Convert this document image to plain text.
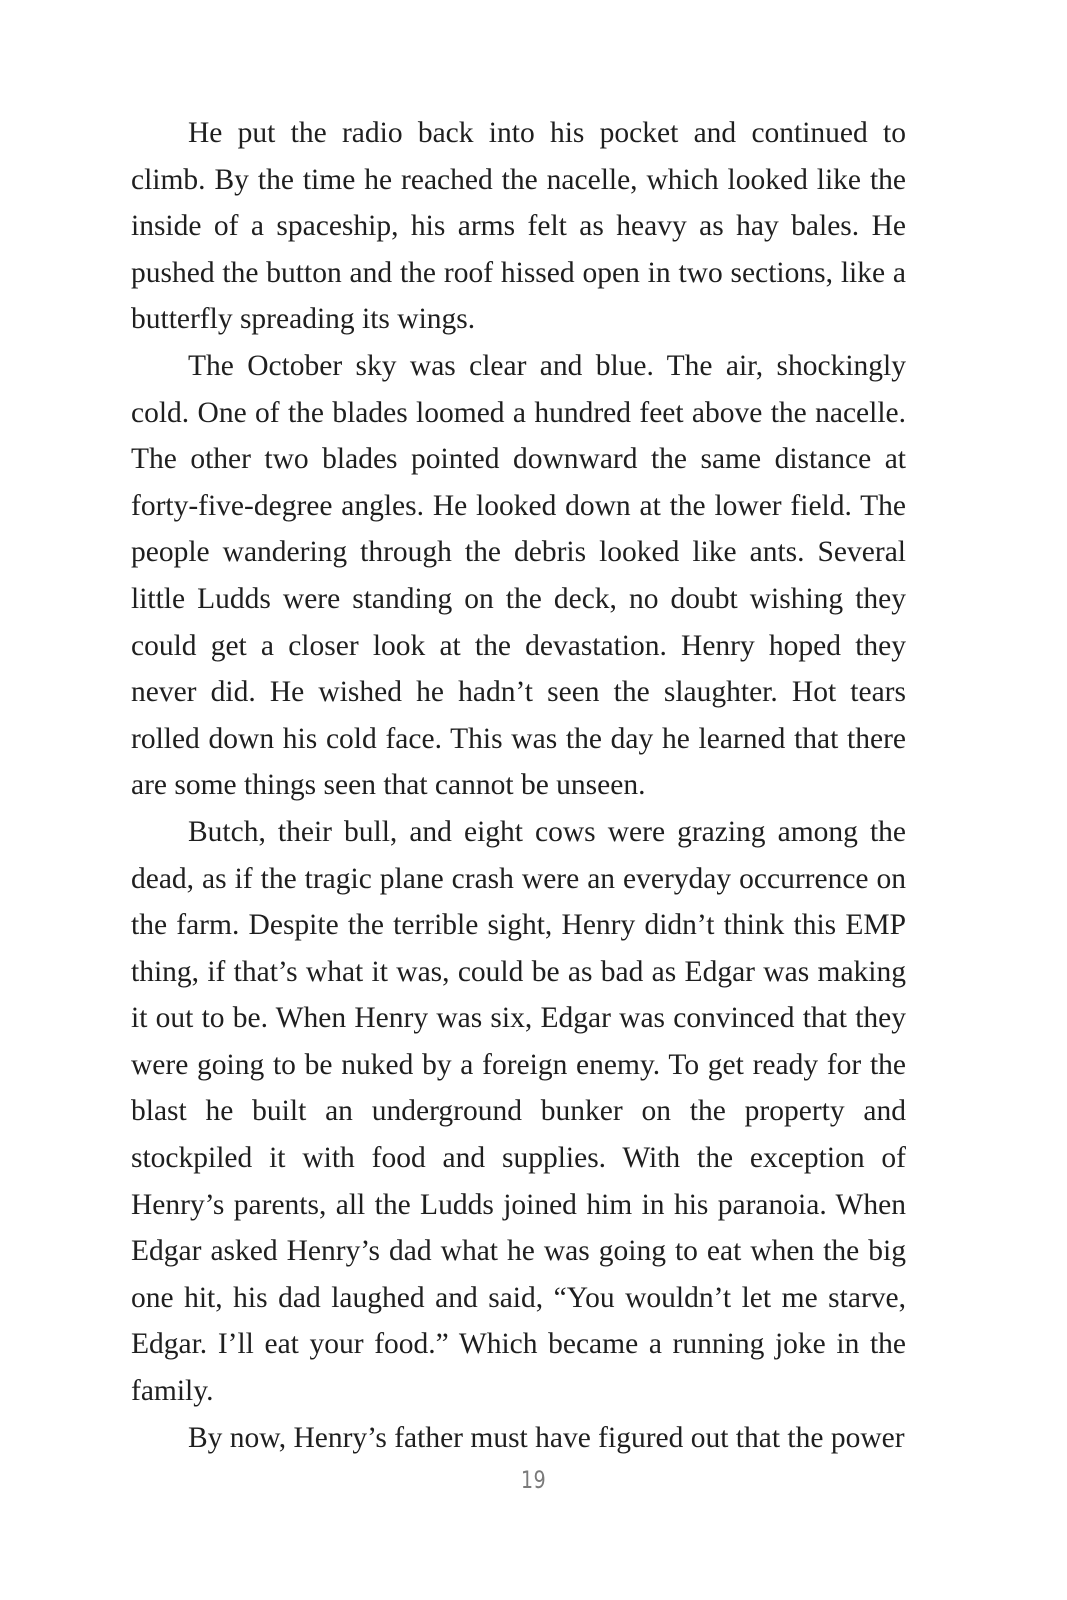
He put the radio back into his pocket and continued to climb. By the time he reached the nacelle, which looked like the inside of a spaceship, his arms felt as heavy as hay bales. He pushed the button and the roof hissed open in two sections, like a butterfly spreading its wings.

The October sky was clear and blue. The air, shockingly cold. One of the blades loomed a hundred feet above the nacelle. The other two blades pointed downward the same distance at forty-five-degree angles. He looked down at the lower field. The people wandering through the debris looked like ants. Several little Ludds were standing on the deck, no doubt wishing they could get a closer look at the devastation. Henry hoped they never did. He wished he hadn’t seen the slaughter. Hot tears rolled down his cold face. This was the day he learned that there are some things seen that cannot be unseen.

Butch, their bull, and eight cows were grazing among the dead, as if the tragic plane crash were an everyday occurrence on the farm. Despite the terrible sight, Henry didn’t think this EMP thing, if that’s what it was, could be as bad as Edgar was making it out to be. When Henry was six, Edgar was convinced that they were going to be nuked by a foreign enemy. To get ready for the blast he built an underground bunker on the property and stockpiled it with food and supplies. With the exception of Henry’s parents, all the Ludds joined him in his paranoia. When Edgar asked Henry’s dad what he was going to eat when the big one hit, his dad laughed and said, “You wouldn’t let me starve, Edgar. I’ll eat your food.” Which became a running joke in the family.

By now, Henry’s father must have figured out that the power

19
